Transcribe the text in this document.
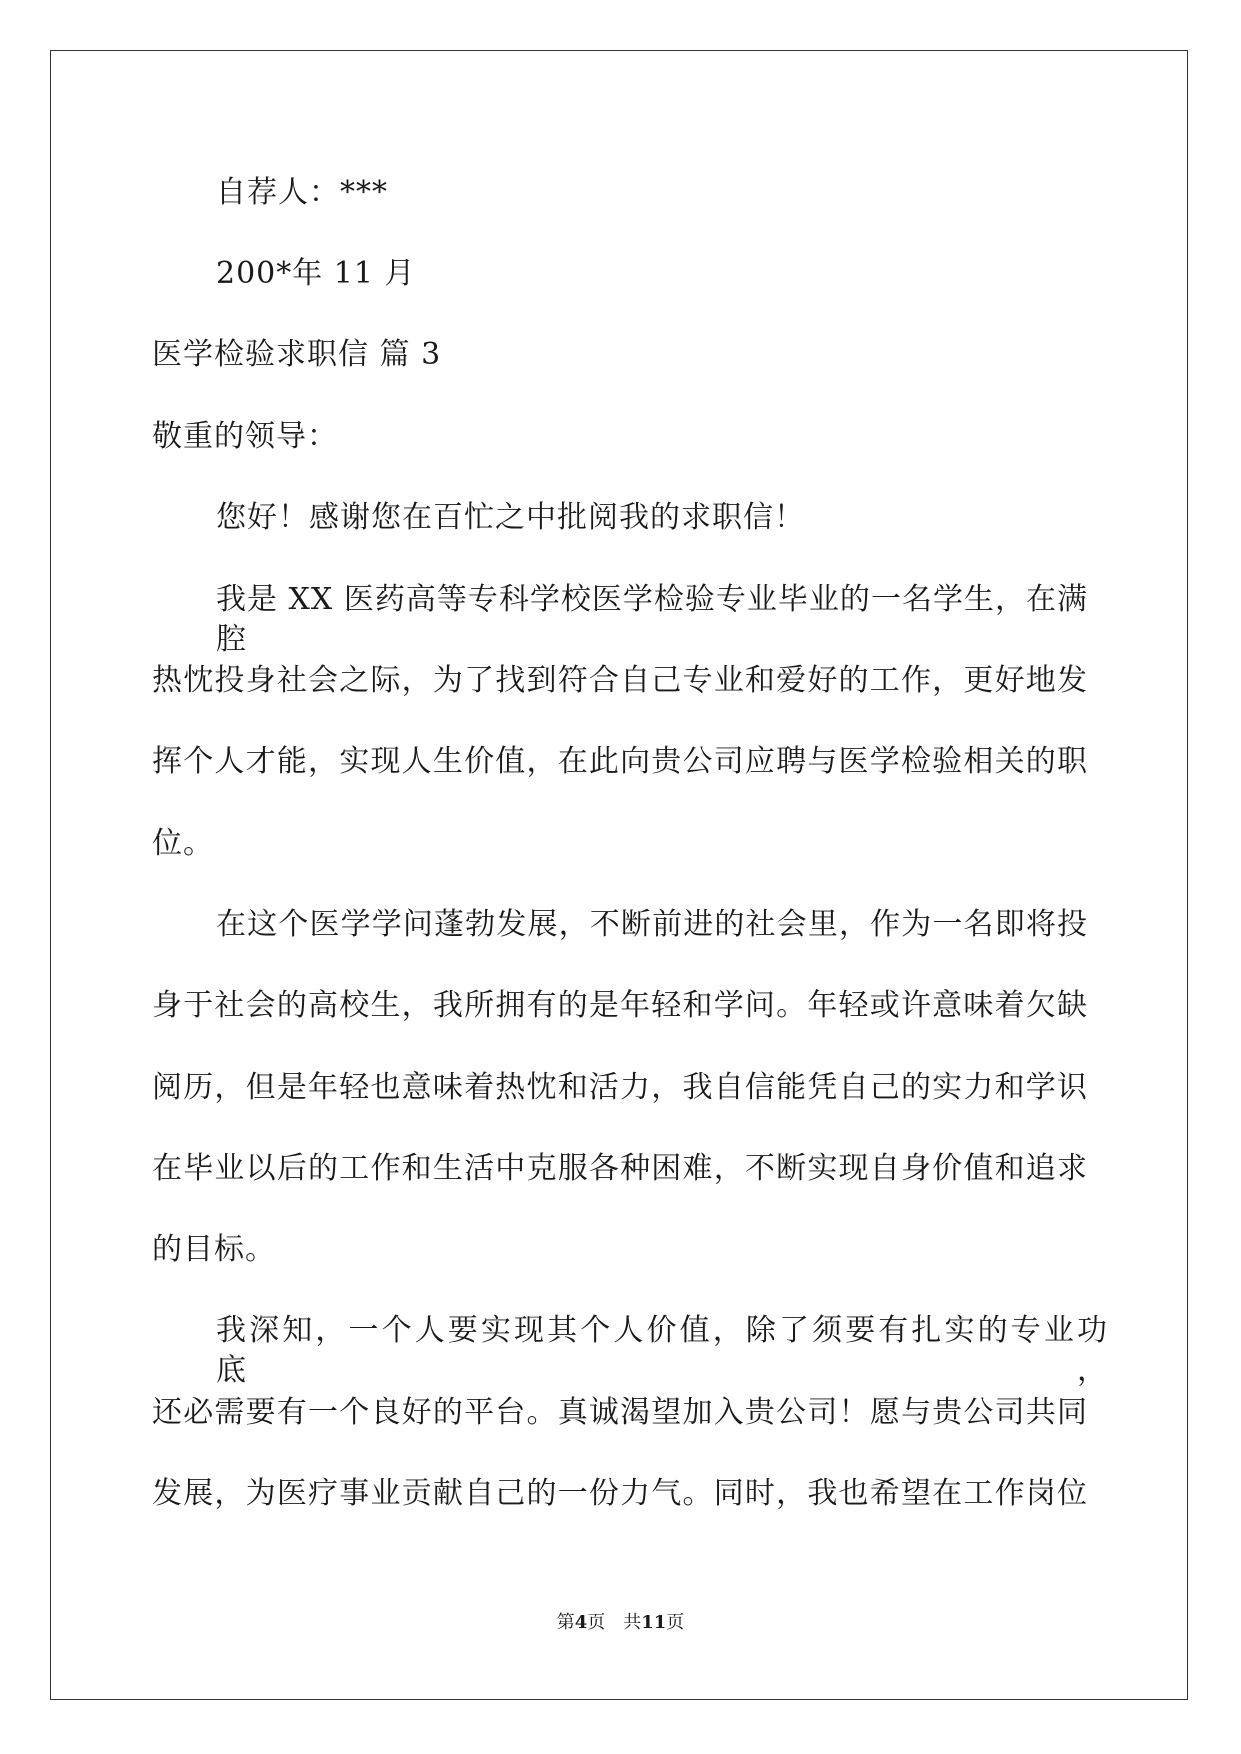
自荐人：***
200*年 11 月
医学检验求职信 篇 3
敬重的领导：
您好！感谢您在百忙之中批阅我的求职信！
我是 XX 医药高等专科学校医学检验专业毕业的一名学生，在满腔
热忱投身社会之际，为了找到符合自己专业和爱好的工作，更好地发
挥个人才能，实现人生价值，在此向贵公司应聘与医学检验相关的职
位。
在这个医学学问蓬勃发展，不断前进的社会里，作为一名即将投
身于社会的高校生，我所拥有的是年轻和学问。年轻或许意味着欠缺
阅历，但是年轻也意味着热忱和活力，我自信能凭自己的实力和学识
在毕业以后的工作和生活中克服各种困难，不断实现自身价值和追求
的目标。
我深知，一个人要实现其个人价值，除了须要有扎实的专业功底，
还必需要有一个良好的平台。真诚渴望加入贵公司！愿与贵公司共同
发展，为医疗事业贡献自己的一份力气。同时，我也希望在工作岗位
第4页　共11页
